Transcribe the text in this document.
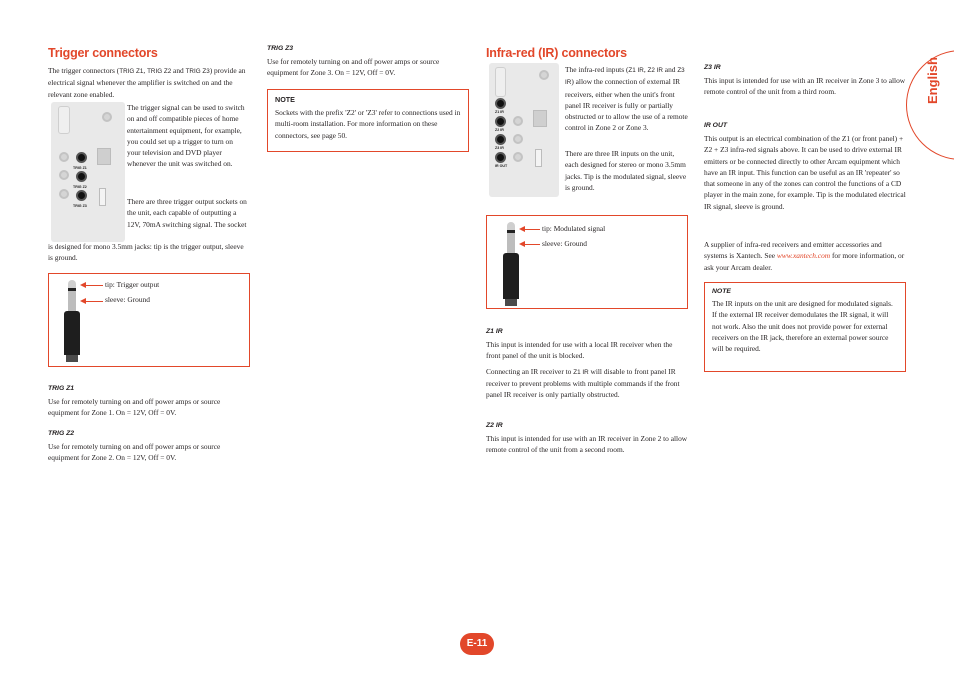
Trigger connectors
The trigger connectors (TRIG Z1, TRIG Z2 and TRIG Z3) provide an electrical signal whenever the amplifier is switched on and the relevant zone enabled.
TRIG Z1
TRIG Z2
TRIG Z3
The trigger signal can be used to switch on and off compatible pieces of home entertainment equipment, for example, you could set up a trigger to turn on your television and DVD player whenever the unit was switched on.
There are three trigger output sockets on the unit, each capable of outputting a 12V, 70mA switching signal. The socket
is designed for mono 3.5mm jacks: tip is the trigger output, sleeve is ground.
tip: Trigger output
sleeve: Ground
TRIG Z1
Use for remotely turning on and off power amps or source equipment for Zone 1. On = 12V, Off = 0V.
TRIG Z2
Use for remotely turning on and off power amps or source equipment for Zone 2. On = 12V, Off = 0V.
TRIG Z3
Use for remotely turning on and off power amps or source equipment for Zone 3. On = 12V, Off = 0V.
NOTE
Sockets with the prefix 'Z2' or 'Z3' refer to connections used in multi-room installation. For more information on these connectors, see page 50.
Infra-red (IR) connectors
Z1 IR
Z2 IR
Z3 IR
IR OUT
The infra-red inputs (Z1 IR, Z2 IR and Z3 IR) allow the connection of external IR receivers, either when the unit's front panel IR receiver is fully or partially obstructed or to allow the use of a remote control in Zone 2 or Zone 3.
There are three IR inputs on the unit, each designed for stereo or mono 3.5mm jacks. Tip is the modulated signal, sleeve is ground.
tip: Modulated signal
sleeve: Ground
Z1 IR
This input is intended for use with a local IR receiver when the front panel of the unit is blocked.
Connecting an IR receiver to Z1 IR will disable to front panel IR receiver to prevent problems with multiple commands if the front panel IR receiver is only partially obstructed.
Z2 IR
This input is intended for use with an IR receiver in Zone 2 to allow remote control of the unit from a second room.
Z3 IR
This input is intended for use with an IR receiver in Zone 3 to allow remote control of the unit from a third room.
IR OUT
This output is an electrical combination of the Z1 (or front panel) + Z2 + Z3 infra-red signals above. It can be used to drive external IR emitters or be connected directly to other Arcam equipment which have an IR input. This function can be useful as an IR 'repeater' so that someone in any of the zones can control the functions of a CD player in the main zone, for example. Tip is the modulated electrical IR signal, sleeve is ground.
A supplier of infra-red receivers and emitter accessories and systems is Xantech. See www.xantech.com for more information, or ask your Arcam dealer.
NOTE
The IR inputs on the unit are designed for modulated signals. If the external IR receiver demodulates the IR signal, it will not work. Also the unit does not provide power for external receivers on the IR jack, therefore an external power source will be required.
English
E-11
